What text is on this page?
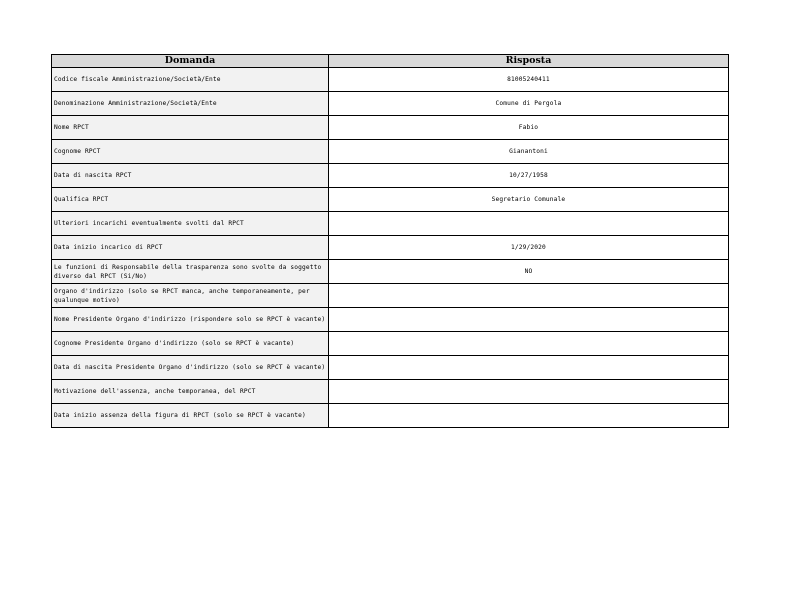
Domanda	Risposta
Codice fiscale Amministrazione/Società/Ente	81005240411
Denominazione Amministrazione/Società/Ente	Comune di Pergola
Nome RPCT	Fabio
Cognome RPCT	Gianantoni
Data di nascita RPCT	10/27/1958
Qualifica RPCT	Segretario Comunale
Ulteriori incarichi eventualmente svolti dal RPCT	
Data inizio incarico di RPCT	1/29/2020
Le funzioni di Responsabile della trasparenza sono svolte da soggetto diverso dal RPCT (Si/No)	NO
Organo d'indirizzo (solo se RPCT manca, anche temporaneamente, per qualunque motivo)	
Nome Presidente Organo d'indirizzo (rispondere solo se RPCT è vacante)	
Cognome Presidente Organo d'indirizzo (solo se RPCT è vacante)	
Data di nascita Presidente Organo d'indirizzo (solo se RPCT è vacante)	
Motivazione dell'assenza, anche temporanea, del RPCT	
Data inizio assenza della figura di RPCT (solo se RPCT è vacante)	
